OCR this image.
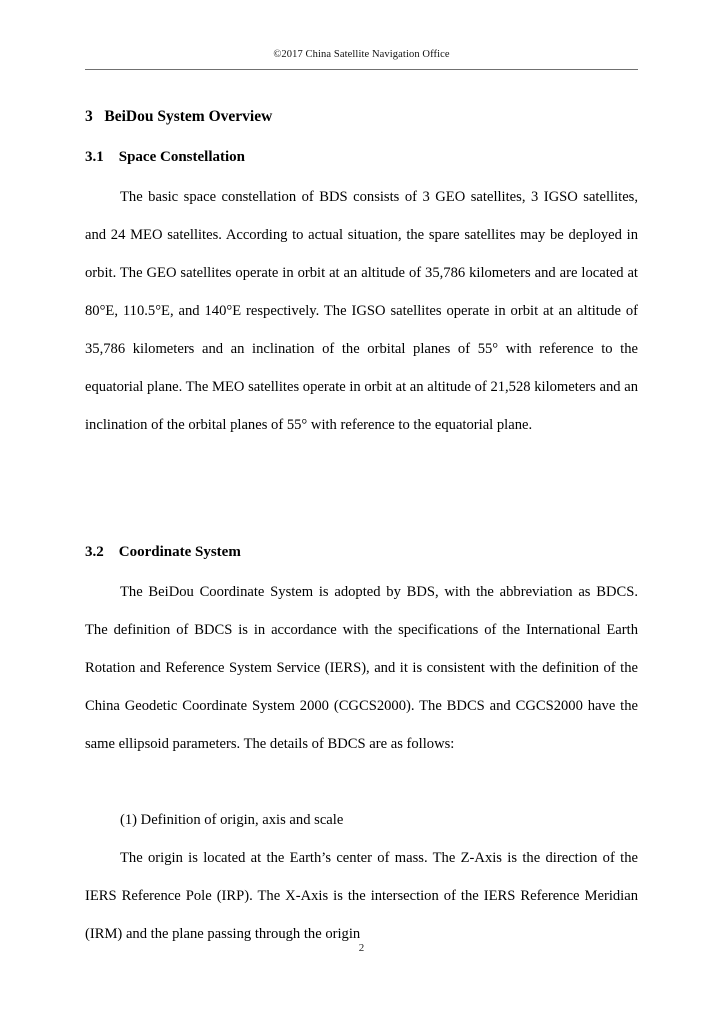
©2017 China Satellite Navigation Office
3   BeiDou System Overview
3.1    Space Constellation

The basic space constellation of BDS consists of 3 GEO satellites, 3 IGSO satellites, and 24 MEO satellites. According to actual situation, the spare satellites may be deployed in orbit. The GEO satellites operate in orbit at an altitude of 35,786 kilometers and are located at 80°E, 110.5°E, and 140°E respectively. The IGSO satellites operate in orbit at an altitude of 35,786 kilometers and an inclination of the orbital planes of 55° with reference to the equatorial plane. The MEO satellites operate in orbit at an altitude of 21,528 kilometers and an inclination of the orbital planes of 55° with reference to the equatorial plane.

3.2    Coordinate System

The BeiDou Coordinate System is adopted by BDS, with the abbreviation as BDCS. The definition of BDCS is in accordance with the specifications of the International Earth Rotation and Reference System Service (IERS), and it is consistent with the definition of the China Geodetic Coordinate System 2000 (CGCS2000). The BDCS and CGCS2000 have the same ellipsoid parameters. The details of BDCS are as follows:

(1) Definition of origin, axis and scale

The origin is located at the Earth’s center of mass. The Z-Axis is the direction of the IERS Reference Pole (IRP). The X-Axis is the intersection of the IERS Reference Meridian (IRM) and the plane passing through the origin

2
